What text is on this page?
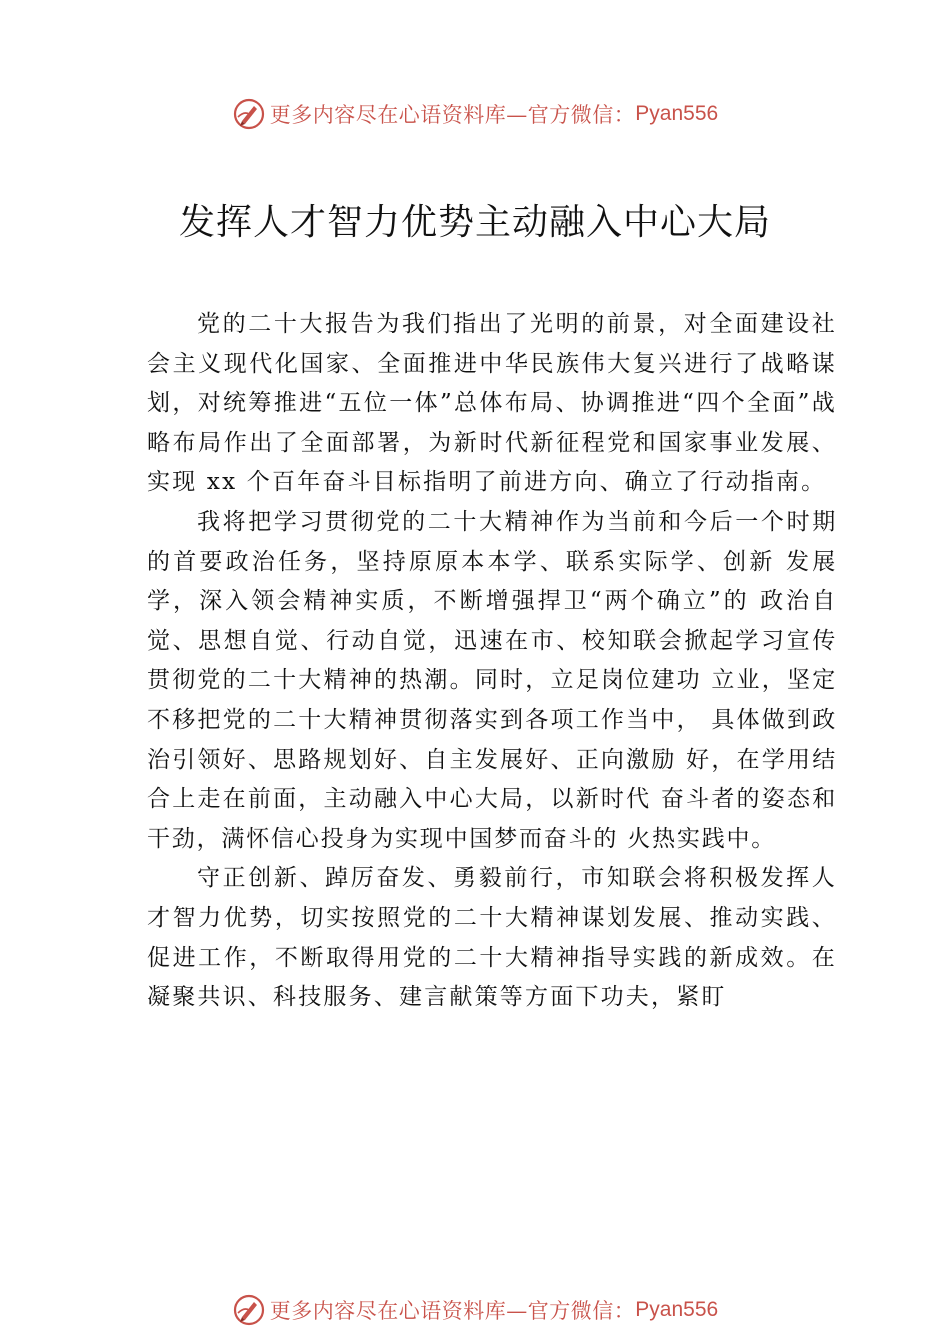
更多内容尽在心语资料库—官方微信： Pyan556
发挥人才智力优势主动融入中心大局

党的二十大报告为我们指出了光明的前景，对全面建设社会主义现代化国家、全面推进中华民族伟大复兴进行了战略谋划，对统筹推进“五位一体”总体布局、协调推进“四个全面”战略布局作出了全面部署，为新时代新征程党和国家事业发展、实现 xx 个百年奋斗目标指明了前进方向、确立了行动指南。

我将把学习贯彻党的二十大精神作为当前和今后一个时期的首要政治任务，坚持原原本本学、联系实际学、创新 发展学，深入领会精神实质，不断增强捍卫“两个确立”的 政治自觉、思想自觉、行动自觉，迅速在市、校知联会掀起学习宣传贯彻党的二十大精神的热潮。同时，立足岗位建功 立业，坚定不移把党的二十大精神贯彻落实到各项工作当中， 具体做到政治引领好、思路规划好、自主发展好、正向激励 好，在学用结合上走在前面，主动融入中心大局，以新时代 奋斗者的姿态和干劲，满怀信心投身为实现中国梦而奋斗的 火热实践中。

守正创新、踔厉奋发、勇毅前行，市知联会将积极发挥人才智力优势，切实按照党的二十大精神谋划发展、推动实践、促进工作，不断取得用党的二十大精神指导实践的新成效。在凝聚共识、科技服务、建言献策等方面下功夫，紧盯

更多内容尽在心语资料库—官方微信： Pyan556
